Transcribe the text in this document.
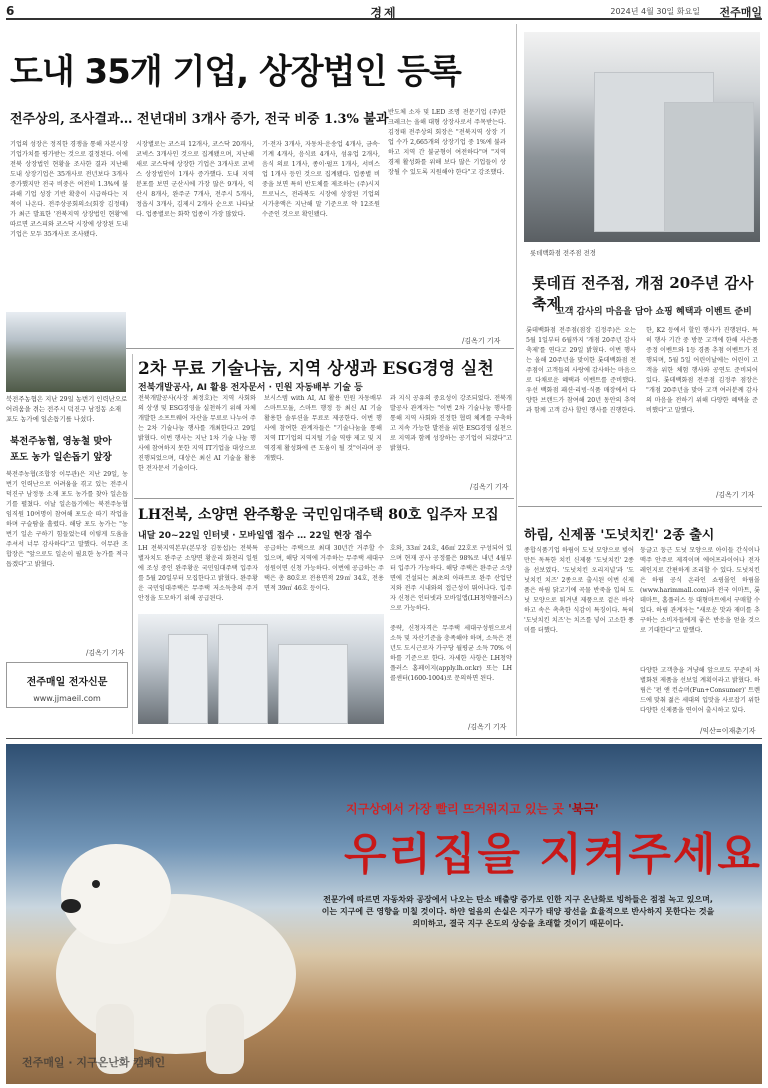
6	경제	2024년 4월 30일 화요일 전주매일
도내 35개 기업, 상장법인 등록
전주상의, 조사결과… 전년대비 3개사 증가, 전국 비중 1.3% 불과
기업의 성장은 정직한 경쟁을 통해 자본시장 기업가치를 평가받는 것으로 결정된다. 이에 전북 상장법인 현황을 조사한 결과 지난해 도내 상장기업은 35개사로 전년보다 3개사 증가했지만 전국 비중은 여전히 1.3%에 불과해 기업 성장 기반 확충이 시급하다는 지적이 나온다. 전주상공회의소(회장 김정태)가 최근 발표한 '전북지역 상장법인 현황'에 따르면 코스피와 코스닥 시장에 상장된 도내 기업은 모두 35개사로 조사됐다.
시장별로는 코스피 12개사, 코스닥 20개사, 코넥스 3개사인 것으로 집계됐으며, 지난해 새로 코스닥에 상장한 기업은 3개사로 코넥스 상장법인이 1개사 증가했다. 도내 지역 분포를 보면 군산시에 가장 많은 9개사, 익산시 8개사, 완주군 7개사, 전주시 5개사, 정읍시 3개사, 김제시 2개사 순으로 나타났다. 업종별로는 화학 업종이 가장 많았다.
기·전자 3개사, 자동차·운송업 4개사, 금속·기계 4개사, 음식료 4개사, 섬유업 2개사, 음식 의료 1개사, 종이·펄프 1개사, 서비스업 1개사 등인 것으로 집계됐다. 업종별 비중을 보면 특히 반도체를 제조하는 (주)시지트로닉스, 전라북도 시장에 상장된 기업의 시가총액은 지난해 말 기준으로 약 12조원 수준인 것으로 확인됐다.
반도체 소자 및 LED 조명 전문기업 (주)한크레크는 올해 대형 상장사로서 주목받는다. 김정태 전주상의 회장은 "전북지역 상장 기업 수가 2,665개의 상장기업 중 1%에 불과하고 지역 간 불균형이 여전하다"며 "지역 경제 활성화를 위해 보다 많은 기업들이 상장될 수 있도록 지원해야 한다"고 강조했다.
/김옥기 기자
롯데백화점 전주점 전경
롯데百 전주점, 개점 20주년 감사 축제
고객 감사의 마음을 담아 쇼핑 혜택과 이벤트 준비
롯데백화점 전주점(점장 김정주)은 오는 5월 1일부터 6월까지 '개점 20주년 감사 축제'를 연다고 29일 밝혔다. 이번 행사는 올해 20주년을 맞이한 롯데백화점 전주점이 고객들의 사랑에 감사하는 마음으로 다채로운 혜택과 이벤트를 준비했다. 우선 백화점 패션·리빙·식품 매장에서 다양한 브랜드가 참여해 20년 동안의 추억과 함께 고객 감사 할인 행사를 진행한다.
한, K2 등에서 할인 행사가 진행된다. 특히 행사 기간 중 방문 고객에 한해 사은품 증정 이벤트와 1등 경품 추첨 이벤트가 진행되며, 5월 5일 어린이날에는 어린이 고객을 위한 체험 행사와 공연도 준비되어 있다. 롯데백화점 전주점 김정주 점장은 "개점 20주년을 맞아 고객 여러분께 감사의 마음을 전하기 위해 다양한 혜택을 준비했다"고 말했다.
/김옥기 기자
북전주농협은 지난 29일 농번기 인력난으로 어려움을 겪는 전주시 덕진구 남정동 소재 포도 농가에 일손돕기를 나섰다.
북전주농협, 영농철 맞아
포도 농가 일손돕기 앞장
북전주농협(조합장 이무관)은 지난 29일, 농번기 인력난으로 어려움을 겪고 있는 전주시 덕진구 남정동 소재 포도 농가를 찾아 일손돕기를 펼쳤다. 이날 일손돕기에는 북전주농협 임직원 10여명이 참여해 포도순 따기 작업을 하며 구슬땀을 흘렸다. 해당 포도 농가는 "농번기 일손 구하기 힘들었는데 이렇게 도움을 주셔서 너무 감사하다"고 말했다. 이무관 조합장은 "앞으로도 일손이 필요한 농가를 적극 돕겠다"고 밝혔다.
/김옥기 기자
전주매일 전자신문
www.jjmaeil.com
2차 무료 기술나눔, 지역 상생과 ESG경영 실천
전북개발공사, AI 활용 전자문서 · 민원 자동배부 기술 등
전북개발공사(사장 최정호)는 지역 사회와의 상생 및 ESG경영을 실천하기 위해 자체 개발한 소프트웨어 자산을 무료로 나누어 주는 2차 기술나눔 행사를 개최한다고 29일 밝혔다. 이번 행사는 지난 1차 기술 나눔 행사에 참여하지 못한 지역 IT기업을 대상으로 진행되었으며, 대상은 최신 AI 기술을 활용한 전자문서 기술이다.
보시스템 with AI, AI 활용 민원 자동배부 스마트모듈, 스마트 행정 등 최신 AI 기술 활용한 솔루션을 무료로 제공한다. 이번 행사에 참여한 관계자들은 "기술나눔을 통해 지역 IT기업의 디지털 기술 역량 제고 및 지역경제 활성화에 큰 도움이 될 것"이라며 공개했다.
과 지식 공유의 중요성이 강조되었다. 전북개발공사 관계자는 "이번 2차 기술나눔 행사를 통해 지역 사회와 진정한 협력 체계를 구축하고 지속 가능한 발전을 위한 ESG경영 실천으로 지역과 함께 성장하는 공기업이 되겠다"고 밝혔다.
/김옥기 기자
LH전북, 소양면 완주황운 국민임대주택 80호 입주자 모집
내달 20~22일 인터넷 · 모바일앱 접수 … 22일 현장 접수
LH 전북지역본부(본부장 김동섭)는 전북특별자치도 완주군 소양면 황운리 화천리 일원에 조성 중인 완주황운 국민임대주택 입주자를 5월 20일부터 모집한다고 밝혔다. 완주황운 국민임대주택은 무주택 저소득층의 주거 안정을 도모하기 위해 공급된다.
공급하는 주택으로 최대 30년간 거주할 수 있으며, 해당 지역에 거주하는 무주택 세대구성원이면 신청 가능하다. 이번에 공급하는 주택은 총 80호로 전용면적 29㎡ 34호, 전용면적 39㎡ 46호 등이다.
호와, 33㎡ 24호, 46㎡ 22호로 구성되어 있으며 현재 공사 공정률은 98%로 내년 4월부터 입주가 가능하다. 해당 주택은 완주군 소양면에 건설되는 최초의 아파트로 완주 산업단지와 전주 시내와의 접근성이 뛰어나다. 입주자 신청은 인터넷과 모바일앱(LH청약플러스)으로 가능하다.
중략, 신청자격은 무주택 세대구성원으로서 소득 및 자산기준을 충족해야 하며, 소득은 전년도 도시근로자 가구당 월평균 소득 70% 이하를 기준으로 한다. 자세한 사항은 LH청약플러스 홈페이지(apply.lh.or.kr) 또는 LH 콜센터(1600-1004)로 문의하면 된다.
/김옥기 기자
하림, 신제품 '도넛치킨' 2종 출시
종합식품기업 하림이 도넛 모양으로 빚어 만든 독특한 치킨 신제품 '도넛치킨' 2종을 선보였다. '도넛치킨 오리지널'과 '도넛치킨 치즈' 2종으로 출시된 이번 신제품은 하림 닭고기에 곡물 반죽을 입혀 도넛 모양으로 튀겨낸 제품으로 겉은 바삭하고 속은 촉촉한 식감이 특징이다. 특히 '도넛치킨 치즈'는 치즈를 넣어 고소한 풍미를 더했다.
둥글고 둥근 도넛 모양으로 아이들 간식이나 맥주 안주로 제격이며 에어프라이어나 전자레인지로 간편하게 조리할 수 있다. 도넛치킨은 하림 공식 온라인 쇼핑몰인 하림몰(www.harimmall.com)과 전국 이마트, 롯데마트, 홈플러스 등 대형마트에서 구매할 수 있다. 하림 관계자는 "새로운 맛과 재미를 추구하는 소비자들에게 좋은 반응을 얻을 것으로 기대한다"고 말했다.
다양한 고객층을 겨냥해 앞으로도 꾸준히 차별화된 제품을 선보일 계획이라고 밝혔다. 하림은 '펀 앤 컨슈머(Fun+Consumer)' 트렌드에 맞춰 젊은 세대의 입맛을 사로잡기 위한 다양한 신제품을 연이어 출시하고 있다.
/익산=이재춘기자
지구상에서 가장 빨리 뜨거워지고 있는 곳 '북극'
우리집을 지켜주세요
전문가에 따르면 자동차와 공장에서 나오는 탄소 배출량 증가로 인한 지구 온난화로 빙하들은 점점 녹고 있으며, 이는 지구에 큰 영향을 미칠 것이다. 하얀 얼음의 손실은 지구가 태양 광선을 효율적으로 반사하지 못한다는 것을 의미하고, 결국 지구 온도의 상승을 초래할 것이기 때문이다.
전주매일 · 지구온난화 캠페인
